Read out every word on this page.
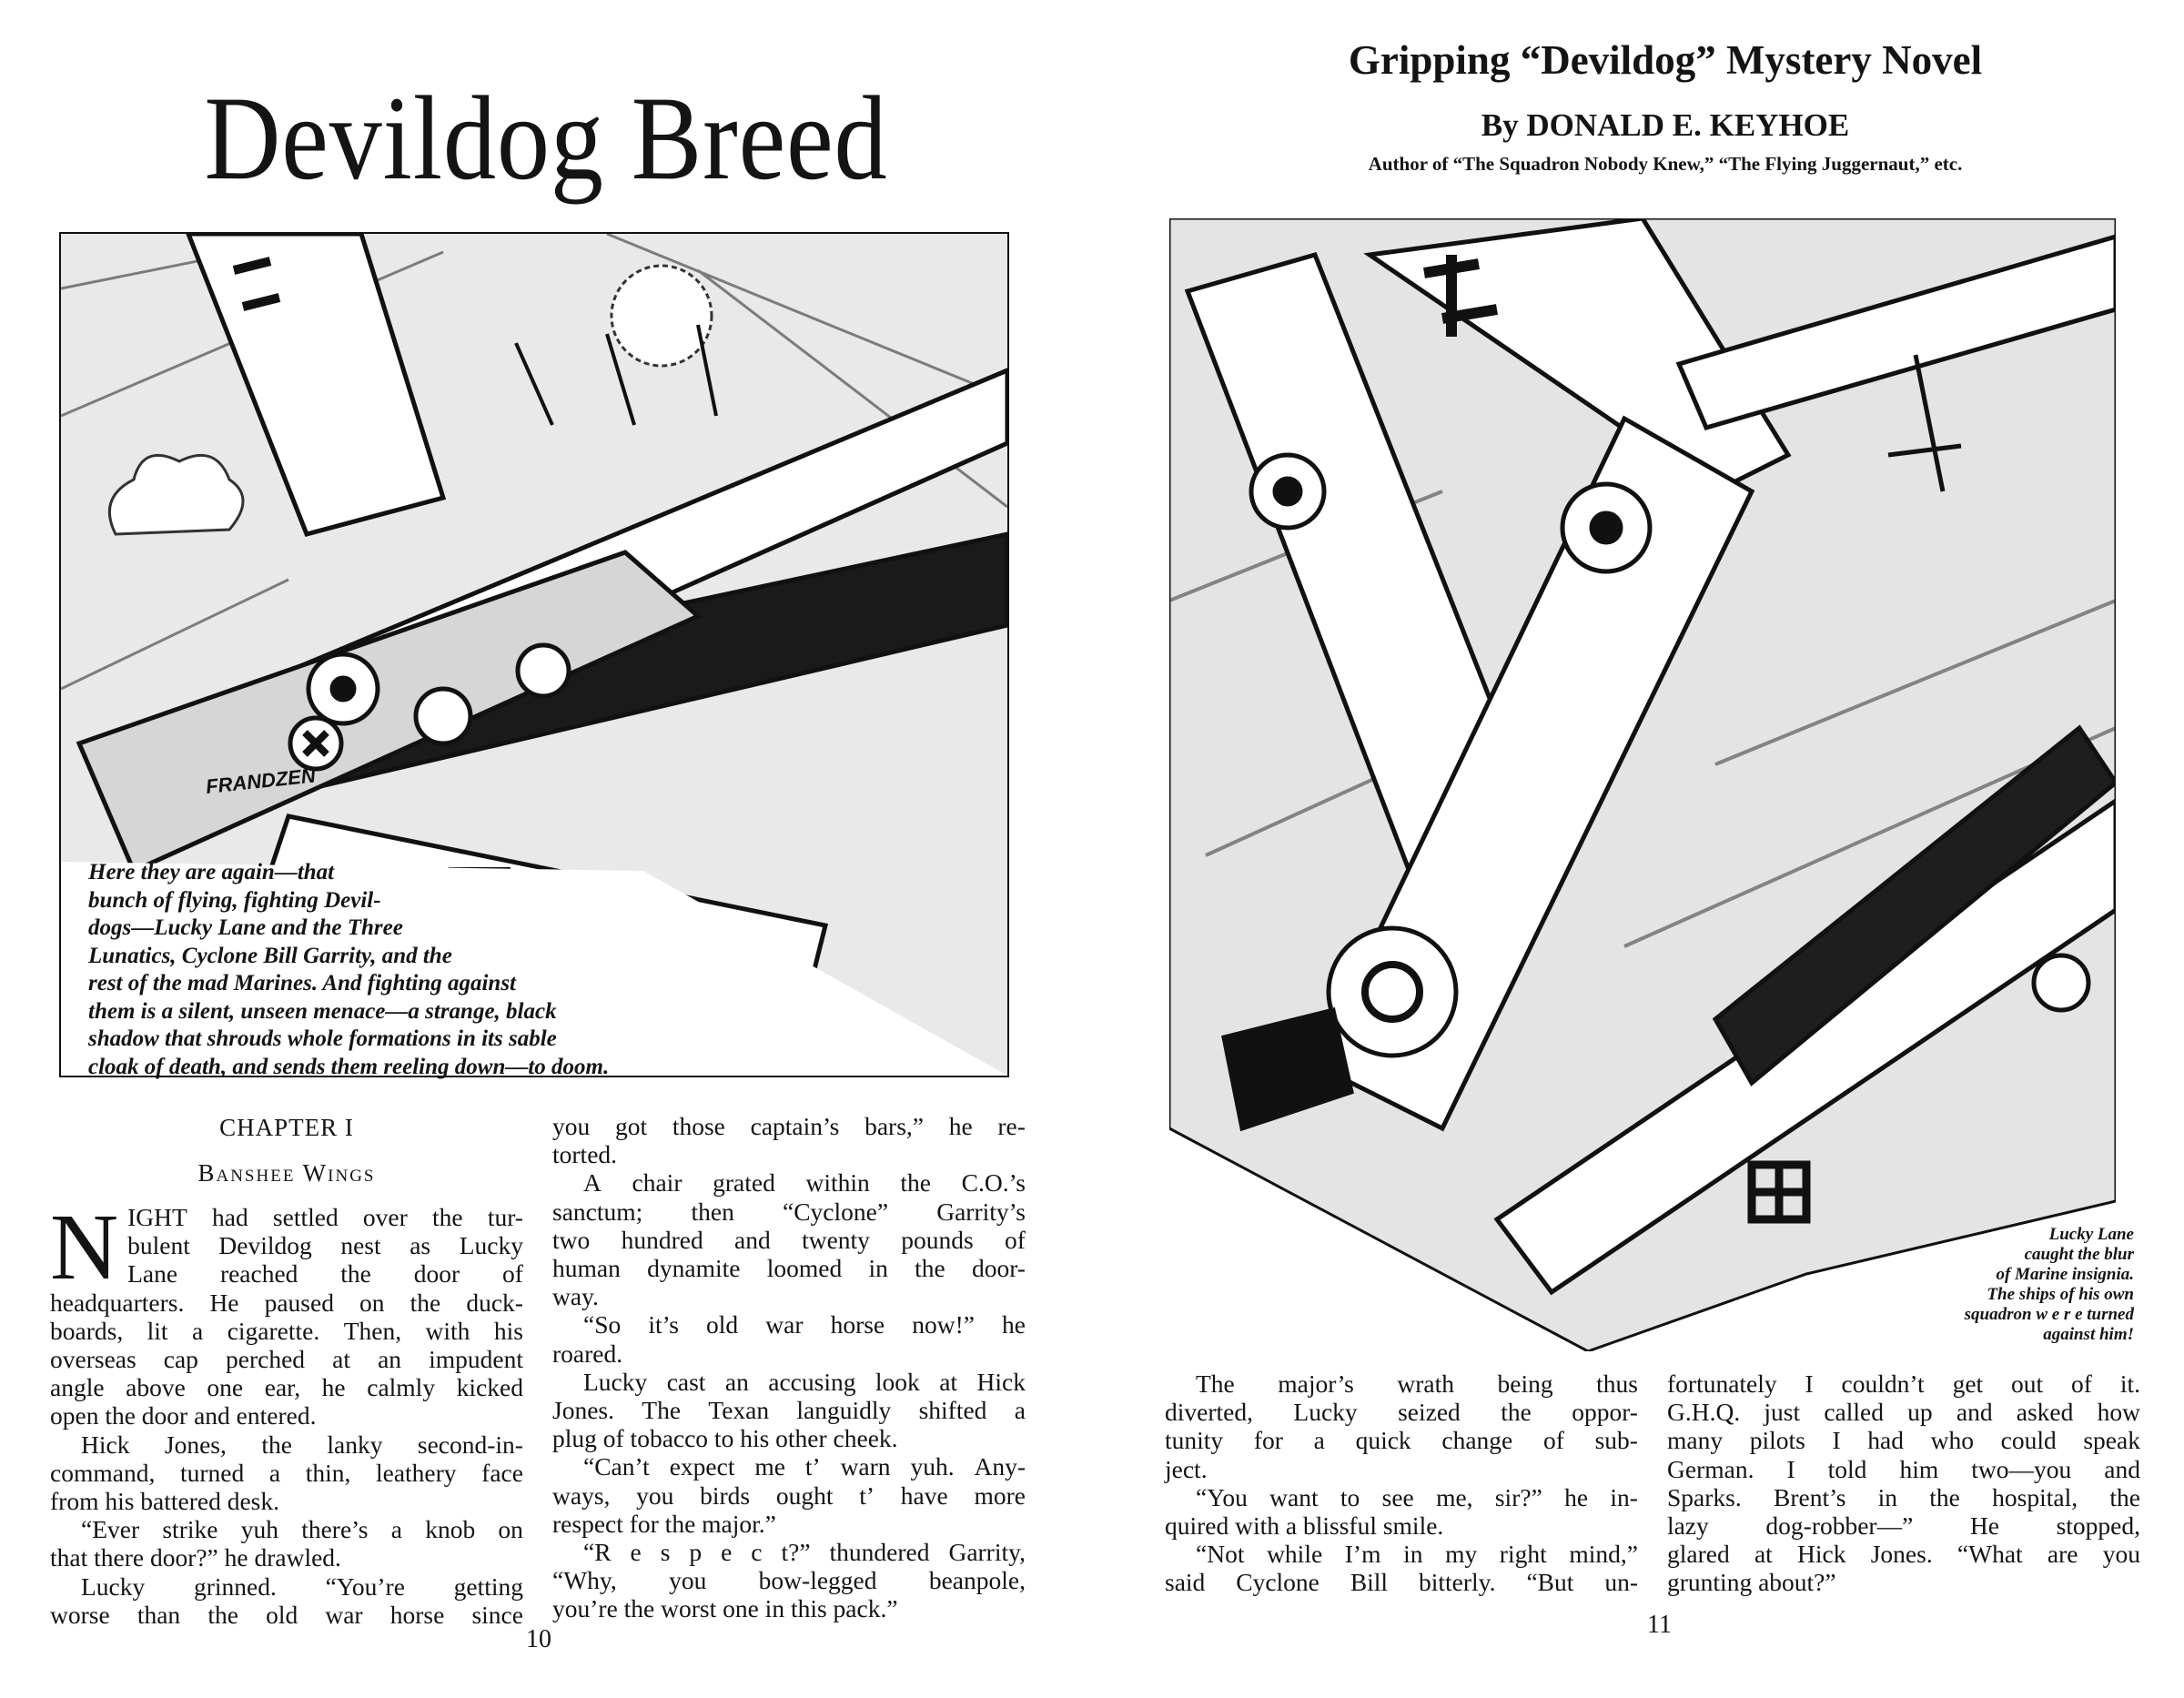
Devildog Breed
FRANDZEN
Here they are again—that
bunch of flying, fighting Devil-
dogs—Lucky Lane and the Three
Lunatics, Cyclone Bill Garrity, and the
rest of the mad Marines. And fighting against
them is a silent, unseen menace—a strange, black
shadow that shrouds whole formations in its sable
cloak of death, and sends them reeling down—to doom.
CHAPTER I
Banshee Wings
N IGHT had settled over the tur-
bulent Devildog nest as Lucky
Lane reached the door of
headquarters. He paused on the duck-
boards, lit a cigarette. Then, with his
overseas cap perched at an impudent
angle above one ear, he calmly kicked
open the door and entered.
Hick Jones, the lanky second-in-
command, turned a thin, leathery face
from his battered desk.
“Ever strike yuh there’s a knob on
that there door?” he drawled.
Lucky grinned. “You’re getting
worse than the old war horse since
you got those captain’s bars,” he re-
torted.
A chair grated within the C.O.’s
sanctum; then “Cyclone” Garrity’s
two hundred and twenty pounds of
human dynamite loomed in the door-
way.
“So it’s old war horse now!” he
roared.
Lucky cast an accusing look at Hick
Jones. The Texan languidly shifted a
plug of tobacco to his other cheek.
“Can’t expect me t’ warn yuh. Any-
ways, you birds ought t’ have more
respect for the major.”
“R e s p e c t?” thundered Garrity,
“Why, you bow-legged beanpole,
you’re the worst one in this pack.”
10
Gripping “Devildog” Mystery Novel
By DONALD E. KEYHOE
Author of “The Squadron Nobody Knew,” “The Flying Juggernaut,” etc.
Lucky Lane
caught the blur
of Marine insignia.
The ships of his own
squadron w e r e turned
against him!
The major’s wrath being thus
diverted, Lucky seized the oppor-
tunity for a quick change of sub-
ject.
“You want to see me, sir?” he in-
quired with a blissful smile.
“Not while I’m in my right mind,”
said Cyclone Bill bitterly. “But un-
fortunately I couldn’t get out of it.
G.H.Q. just called up and asked how
many pilots I had who could speak
German. I told him two—you and
Sparks. Brent’s in the hospital, the
lazy dog-robber—” He stopped,
glared at Hick Jones. “What are you
grunting about?”
11
